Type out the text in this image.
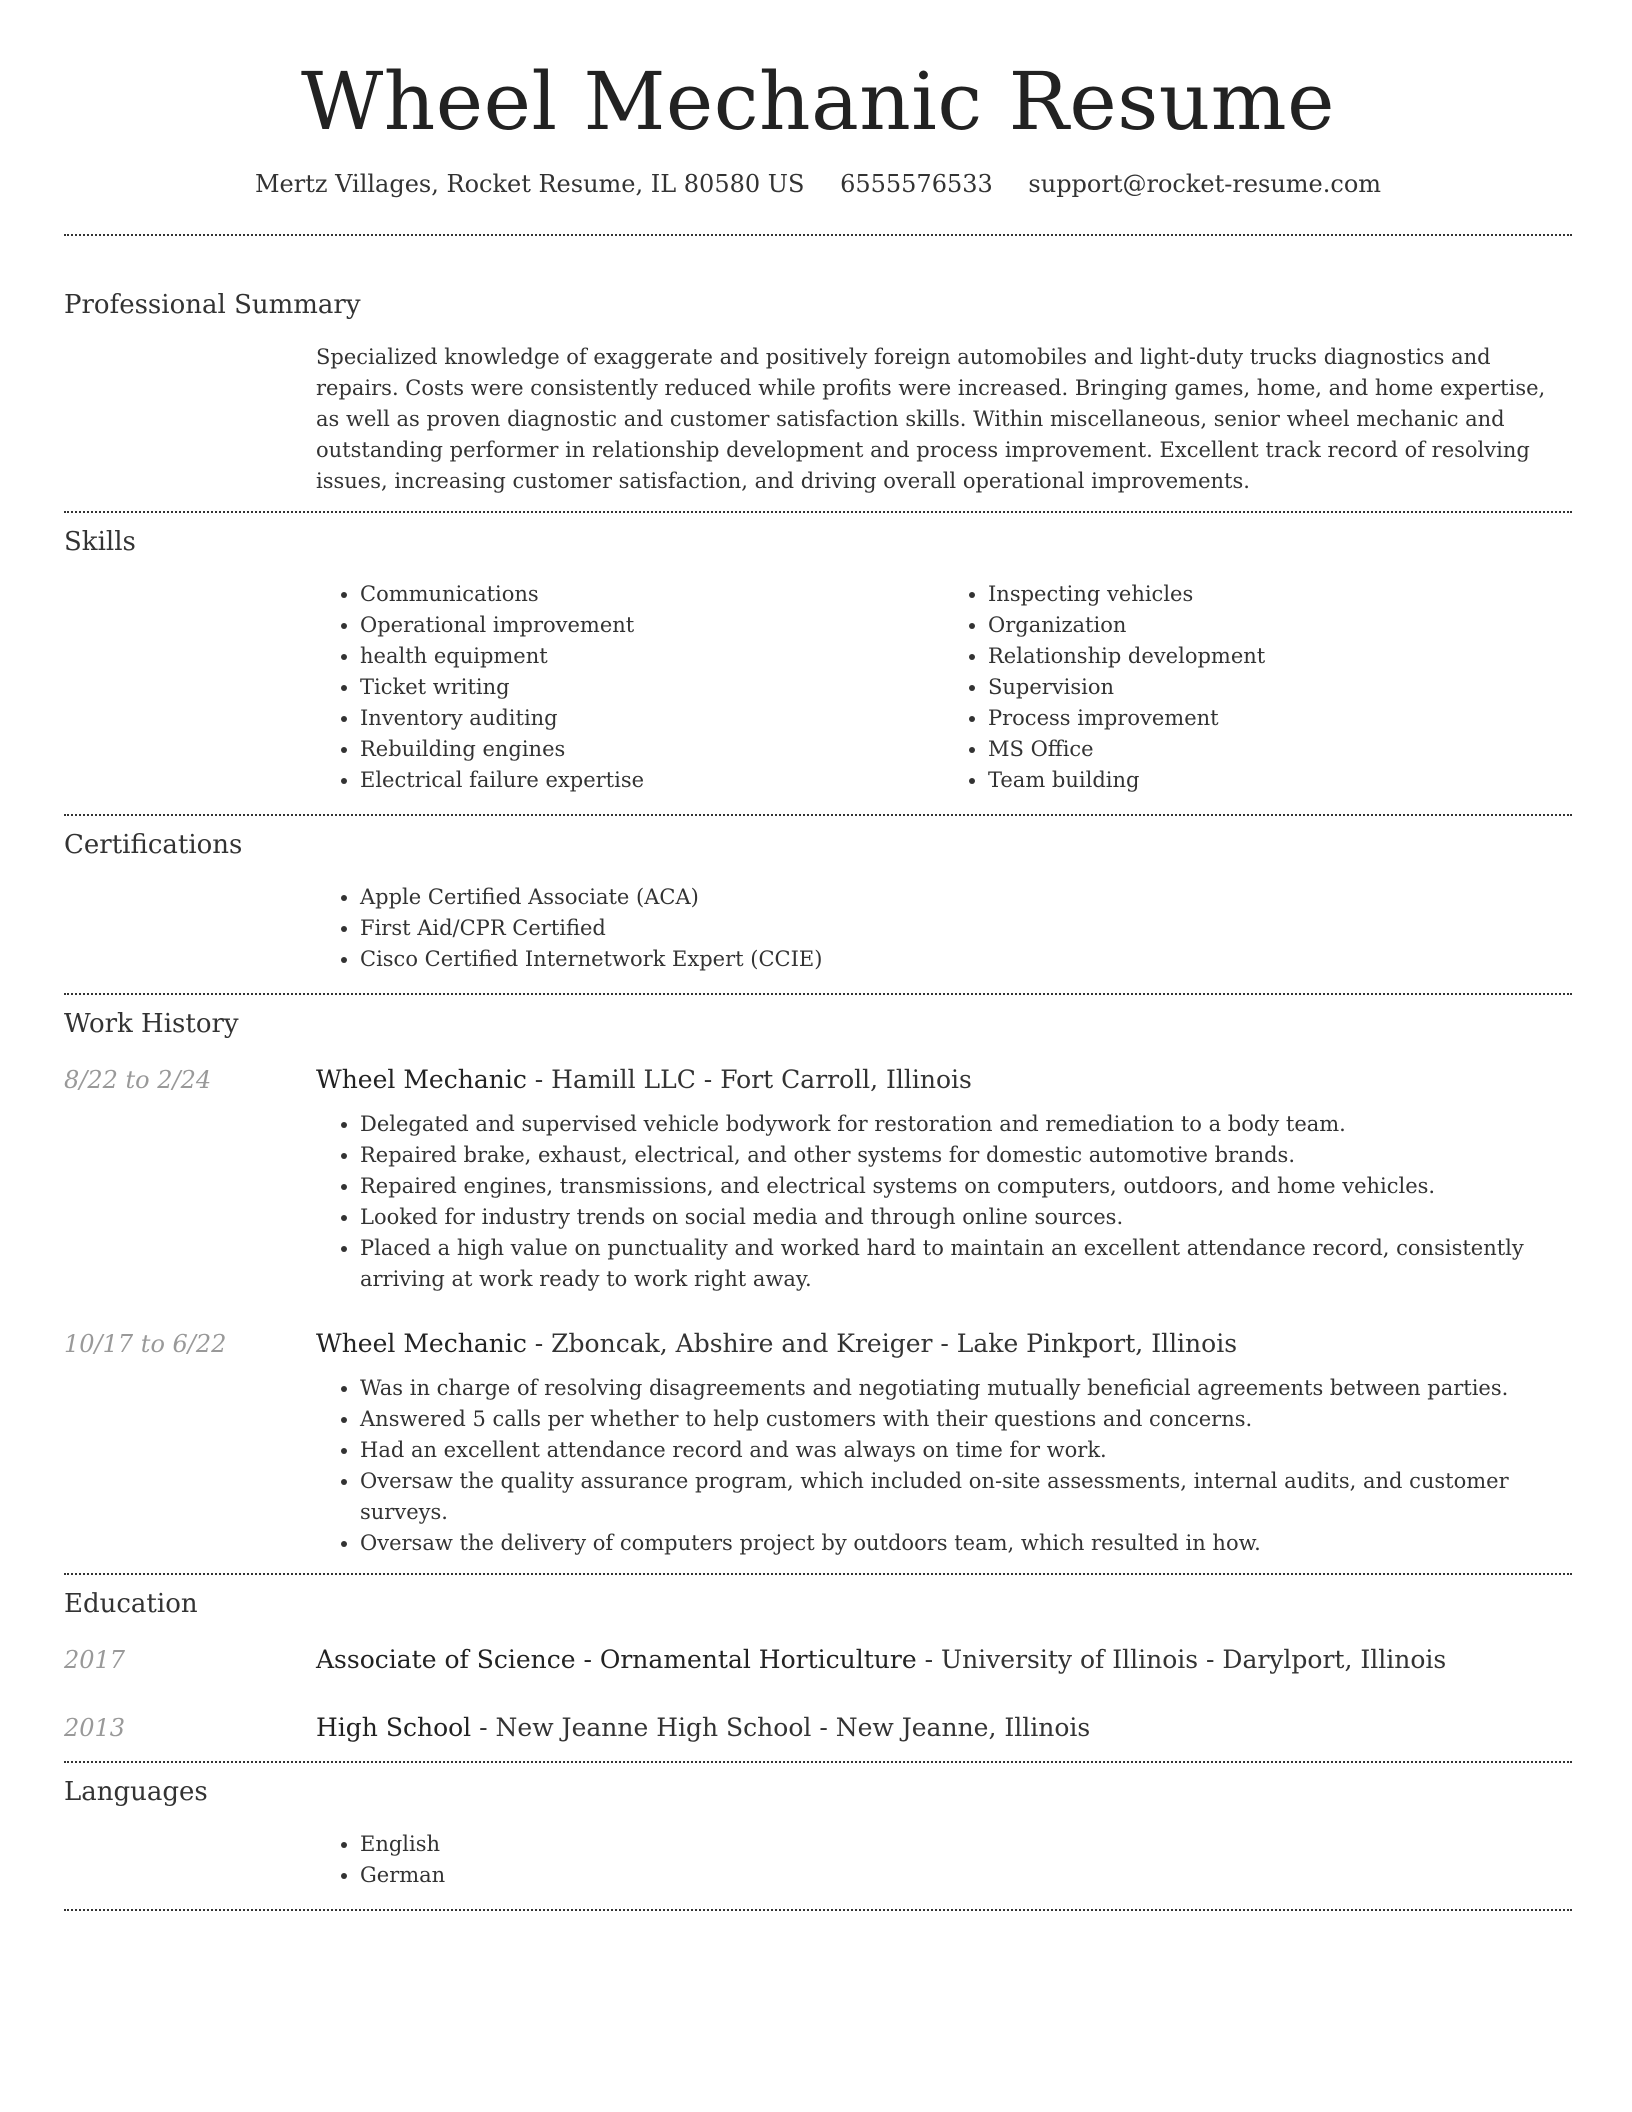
Wheel Mechanic Resume
Mertz Villages, Rocket Resume, IL 80580 US 6555576533 support@rocket-resume.com
Professional Summary

Specialized knowledge of exaggerate and positively foreign automobiles and light-duty trucks diagnostics and repairs. Costs were consistently reduced while profits were increased. Bringing games, home, and home expertise, as well as proven diagnostic and customer satisfaction skills. Within miscellaneous, senior wheel mechanic and outstanding performer in relationship development and process improvement. Excellent track record of resolving issues, increasing customer satisfaction, and driving overall operational improvements.

Skills
• Communications
• Operational improvement
• health equipment
• Ticket writing
• Inventory auditing
• Rebuilding engines
• Electrical failure expertise
• Inspecting vehicles
• Organization
• Relationship development
• Supervision
• Process improvement
• MS Office
• Team building
Certifications
• Apple Certified Associate (ACA)
• First Aid/CPR Certified
• Cisco Certified Internetwork Expert (CCIE)
Work History
8/22 to 2/24	Wheel Mechanic - Hamill LLC - Fort Carroll, Illinois
• Delegated and supervised vehicle bodywork for restoration and remediation to a body team.
• Repaired brake, exhaust, electrical, and other systems for domestic automotive brands.
• Repaired engines, transmissions, and electrical systems on computers, outdoors, and home vehicles.
• Looked for industry trends on social media and through online sources.
• Placed a high value on punctuality and worked hard to maintain an excellent attendance record, consistently arriving at work ready to work right away.
10/17 to 6/22	Wheel Mechanic - Zboncak, Abshire and Kreiger - Lake Pinkport, Illinois
• Was in charge of resolving disagreements and negotiating mutually beneficial agreements between parties.
• Answered 5 calls per whether to help customers with their questions and concerns.
• Had an excellent attendance record and was always on time for work.
• Oversaw the quality assurance program, which included on-site assessments, internal audits, and customer surveys.
• Oversaw the delivery of computers project by outdoors team, which resulted in how.
Education
2017	Associate of Science - Ornamental Horticulture - University of Illinois - Darylport, Illinois
2013	High School - New Jeanne High School - New Jeanne, Illinois
Languages
• English
• German
